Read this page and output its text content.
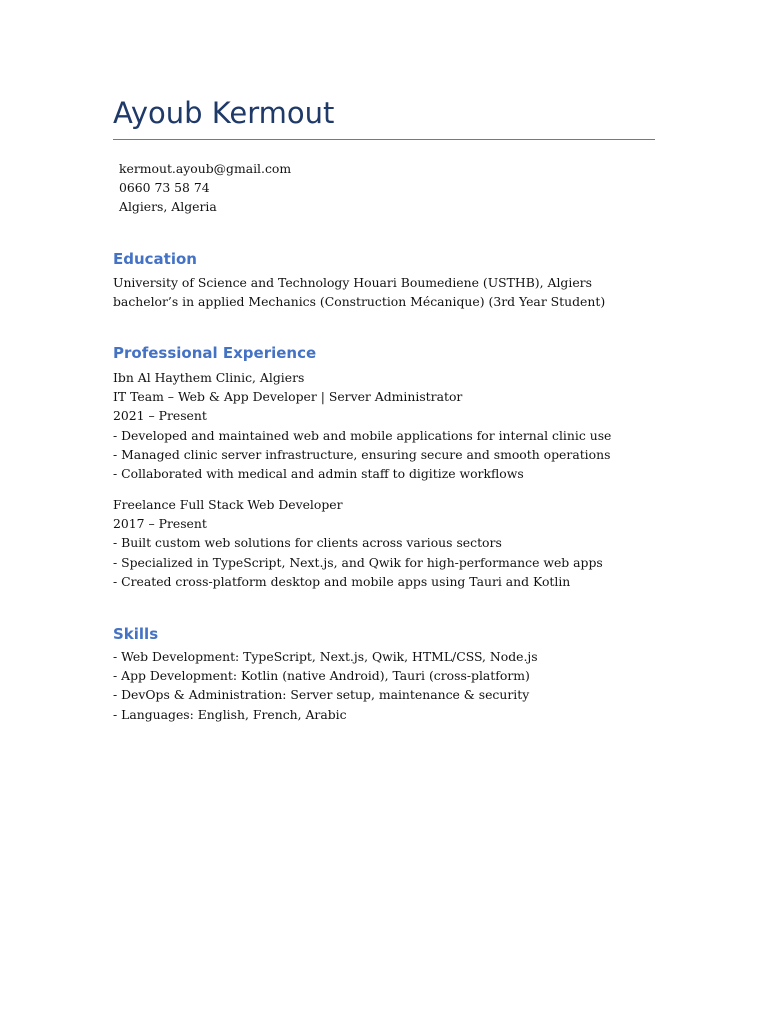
Ayoub Kermout
kermout.ayoub@gmail.com
0660 73 58 74
Algiers, Algeria
Education
University of Science and Technology Houari Boumediene (USTHB), Algiers
bachelor’s in applied Mechanics (Construction Mécanique) (3rd Year Student)
Professional Experience
Ibn Al Haythem Clinic, Algiers
IT Team – Web & App Developer | Server Administrator
2021 – Present
- Developed and maintained web and mobile applications for internal clinic use
- Managed clinic server infrastructure, ensuring secure and smooth operations
- Collaborated with medical and admin staff to digitize workflows
Freelance Full Stack Web Developer
2017 – Present
- Built custom web solutions for clients across various sectors
- Specialized in TypeScript, Next.js, and Qwik for high-performance web apps
- Created cross-platform desktop and mobile apps using Tauri and Kotlin
Skills
- Web Development: TypeScript, Next.js, Qwik, HTML/CSS, Node.js
- App Development: Kotlin (native Android), Tauri (cross-platform)
- DevOps & Administration: Server setup, maintenance & security
- Languages: English, French, Arabic
